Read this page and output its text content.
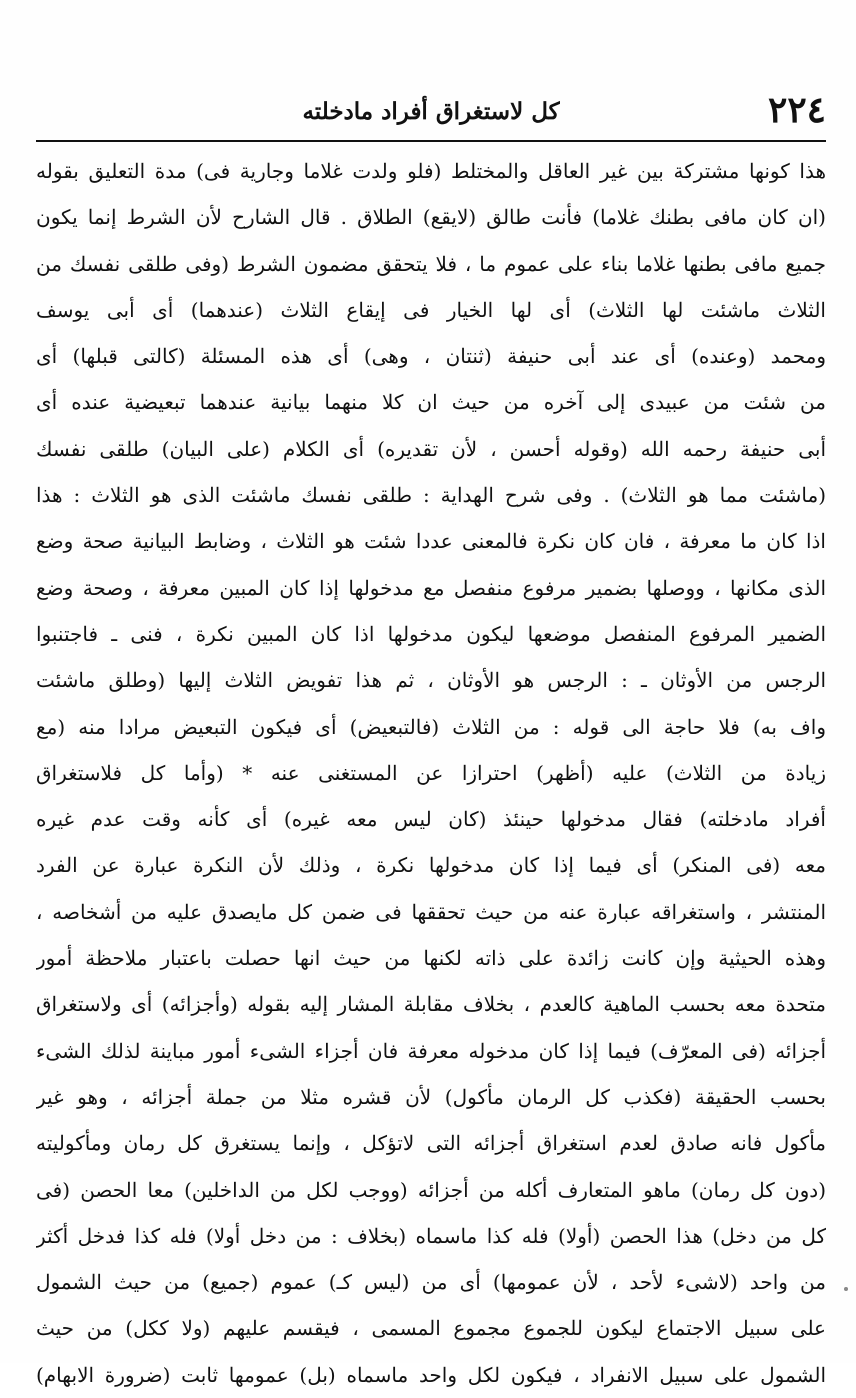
٢٢٤
كل لاستغراق أفراد مادخلته
هذا كونها مشتركة بين غير العاقل والمختلط (فلو ولدت غلاما وجارية فى) مدة التعليق بقوله
(ان كان مافى بطنك غلاما) فأنت طالق (لايقع) الطلاق . قال الشارح لأن الشرط إنما يكون
جميع مافى بطنها غلاما بناء على عموم ما ، فلا يتحقق مضمون الشرط (وفى طلقى نفسك من
الثلاث ماشئت لها الثلاث) أى لها الخيار فى إيقاع الثلاث (عندهما) أى أبى يوسف
ومحمد (وعنده) أى عند أبى حنيفة (ثنتان ، وهى) أى هذه المسئلة (كالتى قبلها) أى
من شئت من عبيدى إلى آخره من حيث ان كلا منهما بيانية عندهما تبعيضية عنده أى
أبى حنيفة رحمه الله (وقوله أحسن ، لأن تقديره) أى الكلام (على البيان) طلقى نفسك
(ماشئت مما هو الثلاث) . وفى شرح الهداية : طلقى نفسك ماشئت الذى هو الثلاث : هذا
اذا كان ما معرفة ، فان كان نكرة فالمعنى عددا شئت هو الثلاث ، وضابط البيانية صحة وضع
الذى مكانها ، ووصلها بضمير مرفوع منفصل مع مدخولها إذا كان المبين معرفة ، وصحة وضع
الضمير المرفوع المنفصل موضعها ليكون مدخولها اذا كان المبين نكرة ، فنى ـ فاجتنبوا
الرجس من الأوثان ـ : الرجس هو الأوثان ، ثم هذا تفويض الثلاث إليها (وطلق ماشئت
واف به) فلا حاجة الى قوله : من الثلاث (فالتبعيض) أى فيكون التبعيض مرادا منه (مع
زيادة من الثلاث) عليه (أظهر) احترازا عن المستغنى عنه * (وأما كل فلاستغراق
أفراد مادخلته) فقال مدخولها حينئذ (كان ليس معه غيره) أى كأنه وقت عدم غيره
معه (فى المنكر) أى فيما إذا كان مدخولها نكرة ، وذلك لأن النكرة عبارة عن الفرد
المنتشر ، واستغراقه عبارة عنه من حيث تحققها فى ضمن كل مايصدق عليه من أشخاصه ،
وهذه الحيثية وإن كانت زائدة على ذاته لكنها من حيث انها حصلت باعتبار ملاحظة أمور
متحدة معه بحسب الماهية كالعدم ، بخلاف مقابلة المشار إليه بقوله (وأجزائه) أى ولاستغراق
أجزائه (فى المعرّف) فيما إذا كان مدخوله معرفة فان أجزاء الشىء أمور مباينة لذلك الشىء
بحسب الحقيقة (فكذب كل الرمان مأكول) لأن قشره مثلا من جملة أجزائه ، وهو غير
مأكول فانه صادق لعدم استغراق أجزائه التى لاتؤكل ، وإنما يستغرق كل رمان ومأكوليته
(دون كل رمان) ماهو المتعارف أكله من أجزائه (ووجب لكل من الداخلين) معا الحصن (فى
كل من دخل) هذا الحصن (أولا) فله كذا ماسماه (بخلاف : من دخل أولا) فله كذا فدخل أكثر
من واحد (لاشىء لأحد ، لأن عمومها) أى من (ليس كـ) عموم (جميع) من حيث الشمول
على سبيل الاجتماع ليكون للجموع مجموع المسمى ، فيقسم عليهم (ولا ككل) من حيث
الشمول على سبيل الانفراد ، فيكون لكل واحد ماسماه (بل) عمومها ثابت (ضرورة الابهام)
